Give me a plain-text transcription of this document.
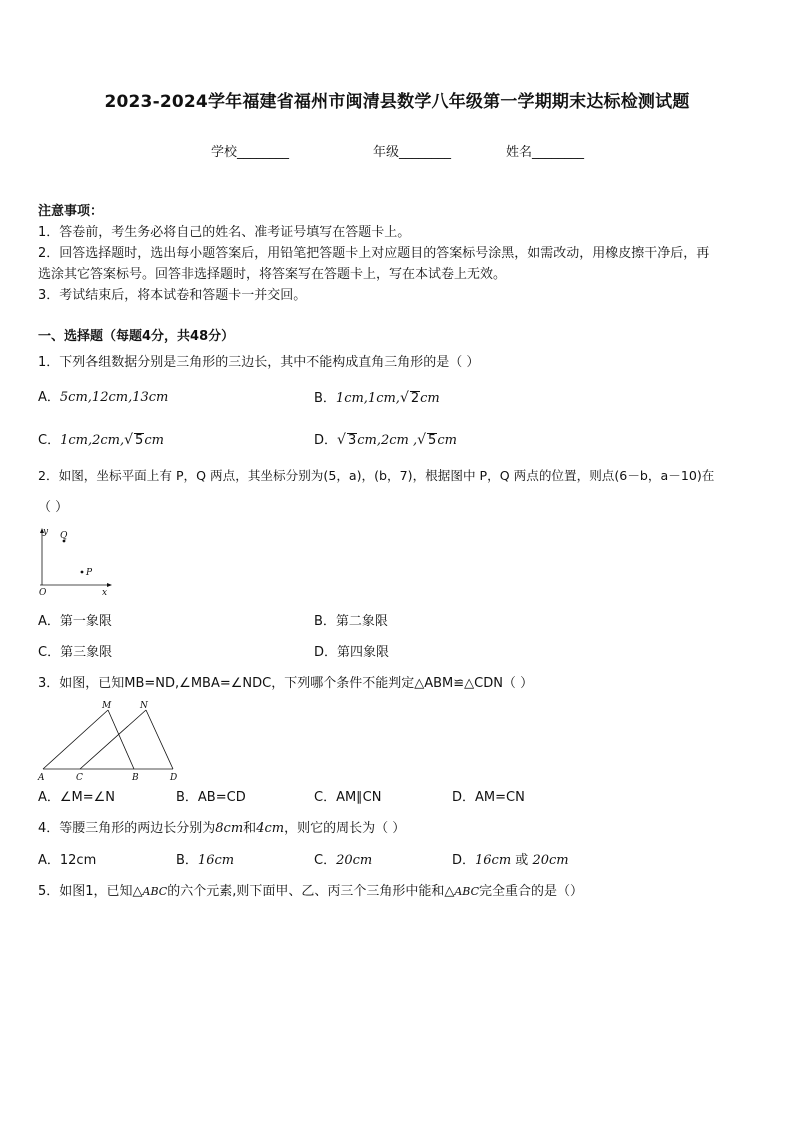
2023-2024学年福建省福州市闽清县数学八年级第一学期期末达标检测试题
学校________	年级________	姓名________
注意事项：
1．答卷前，考生务必将自己的姓名、准考证号填写在答题卡上。
2．回答选择题时，选出每小题答案后，用铅笔把答题卡上对应题目的答案标号涂黑，如需改动，用橡皮擦干净后，再
选涂其它答案标号。回答非选择题时，将答案写在答题卡上，写在本试卷上无效。
3．考试结束后，将本试卷和答题卡一并交回。
一、选择题（每题4分，共48分）
1．下列各组数据分别是三角形的三边长，其中不能构成直角三角形的是（ ）
A．5cm,12cm,13cm	B．1cm,1cm,√ 2cm
C．1cm,2cm,√ 5cm	D．√ 3cm,2cm ,√ 5cm
2．如图，坐标平面上有 P，Q 两点，其坐标分别为(5，a)，(b，7)，根据图中 P，Q 两点的位置，则点(6－b，a－10)在
（ ）
y
x
O
Q
P
A．第一象限	B．第二象限
C．第三象限	D．第四象限
3．如图，已知MB=ND,∠MBA=∠NDC，下列哪个条件不能判定△ABM≌△CDN（ ）
M	N
A	C	B	D
A．∠M=∠N	B．AB=CD	C．AM∥CN	D．AM=CN
4．等腰三角形的两边长分别为8cm和4cm，则它的周长为（ ）
A．12cm	B．16cm	C．20cm	D．16cm 或 20cm
5．如图1，已知△ABC的六个元素,则下面甲、乙、丙三个三角形中能和△ABC完全重合的是（）
